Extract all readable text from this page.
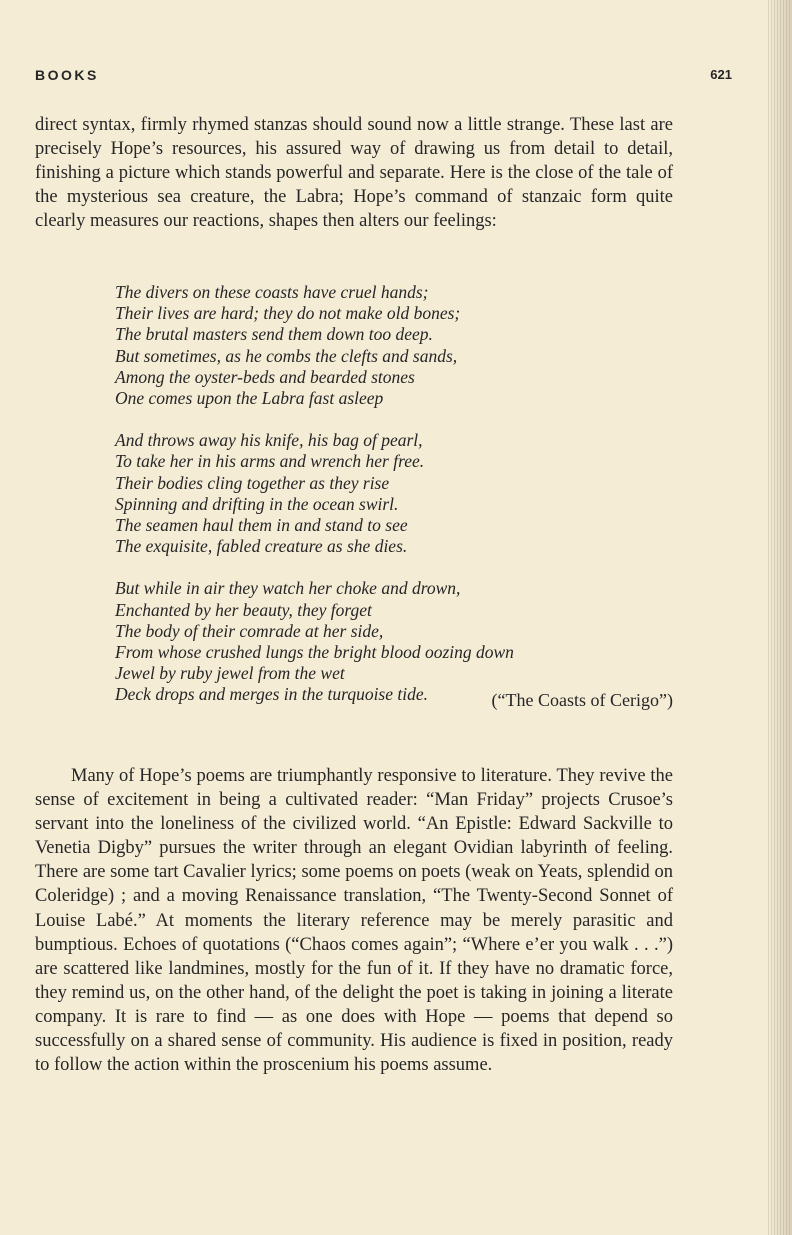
BOOKS	621

direct syntax, firmly rhymed stanzas should sound now a little strange. These last are precisely Hope’s resources, his assured way of drawing us from detail to detail, finishing a picture which stands powerful and separate. Here is the close of the tale of the mysterious sea creature, the Labra; Hope’s command of stanzaic form quite clearly measures our reactions, shapes then alters our feelings:

The divers on these coasts have cruel hands;
Their lives are hard; they do not make old bones;
The brutal masters send them down too deep.
But sometimes, as he combs the clefts and sands,
Among the oyster-beds and bearded stones
One comes upon the Labra fast asleep
And throws away his knife, his bag of pearl,
To take her in his arms and wrench her free.
Their bodies cling together as they rise
Spinning and drifting in the ocean swirl.
The seamen haul them in and stand to see
The exquisite, fabled creature as she dies.
But while in air they watch her choke and drown,
Enchanted by her beauty, they forget
The body of their comrade at her side,
From whose crushed lungs the bright blood oozing down
Jewel by ruby jewel from the wet
Deck drops and merges in the turquoise tide.	(“The Coasts of Cerigo”)

Many of Hope’s poems are triumphantly responsive to literature. They revive the sense of excitement in being a cultivated reader: “Man Friday” projects Crusoe’s servant into the loneliness of the civilized world. “An Epistle: Edward Sackville to Venetia Digby” pursues the writer through an elegant Ovidian labyrinth of feeling. There are some tart Cavalier lyrics; some poems on poets (weak on Yeats, splendid on Coleridge) ; and a moving Renaissance translation, “The Twenty-Second Sonnet of Louise Labé.” At moments the literary reference may be merely parasitic and bumptious. Echoes of quotations (“Chaos comes again”; “Where e’er you walk . . .”) are scattered like landmines, mostly for the fun of it. If they have no dramatic force, they remind us, on the other hand, of the delight the poet is taking in joining a literate company. It is rare to find — as one does with Hope — poems that depend so successfully on a shared sense of community. His audience is fixed in position, ready to follow the action within the proscenium his poems assume.
